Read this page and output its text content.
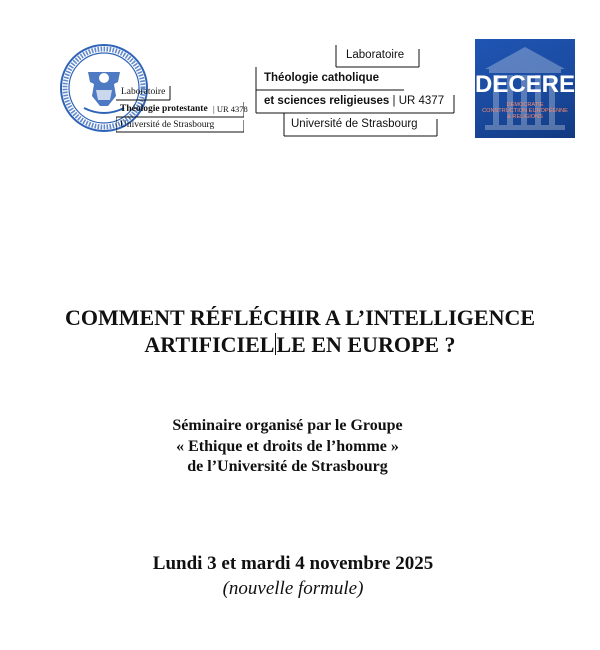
Laboratoire
Théologie protestante | UR 4378
Université de Strasbourg
Laboratoire
Théologie catholique
et sciences religieuses | UR 4377
Université de Strasbourg
DECERE
DÉMOCRATIE
CONSTRUCTION EUROPÉENNE
& RELIGIONS
COMMENT RÉFLÉCHIR A L’INTELLIGENCE
ARTIFICIELLE EN EUROPE ?
Séminaire organisé par le Groupe
« Ethique et droits de l’homme »
de l’Université de Strasbourg
Lundi 3 et mardi 4 novembre 2025
(nouvelle formule)
